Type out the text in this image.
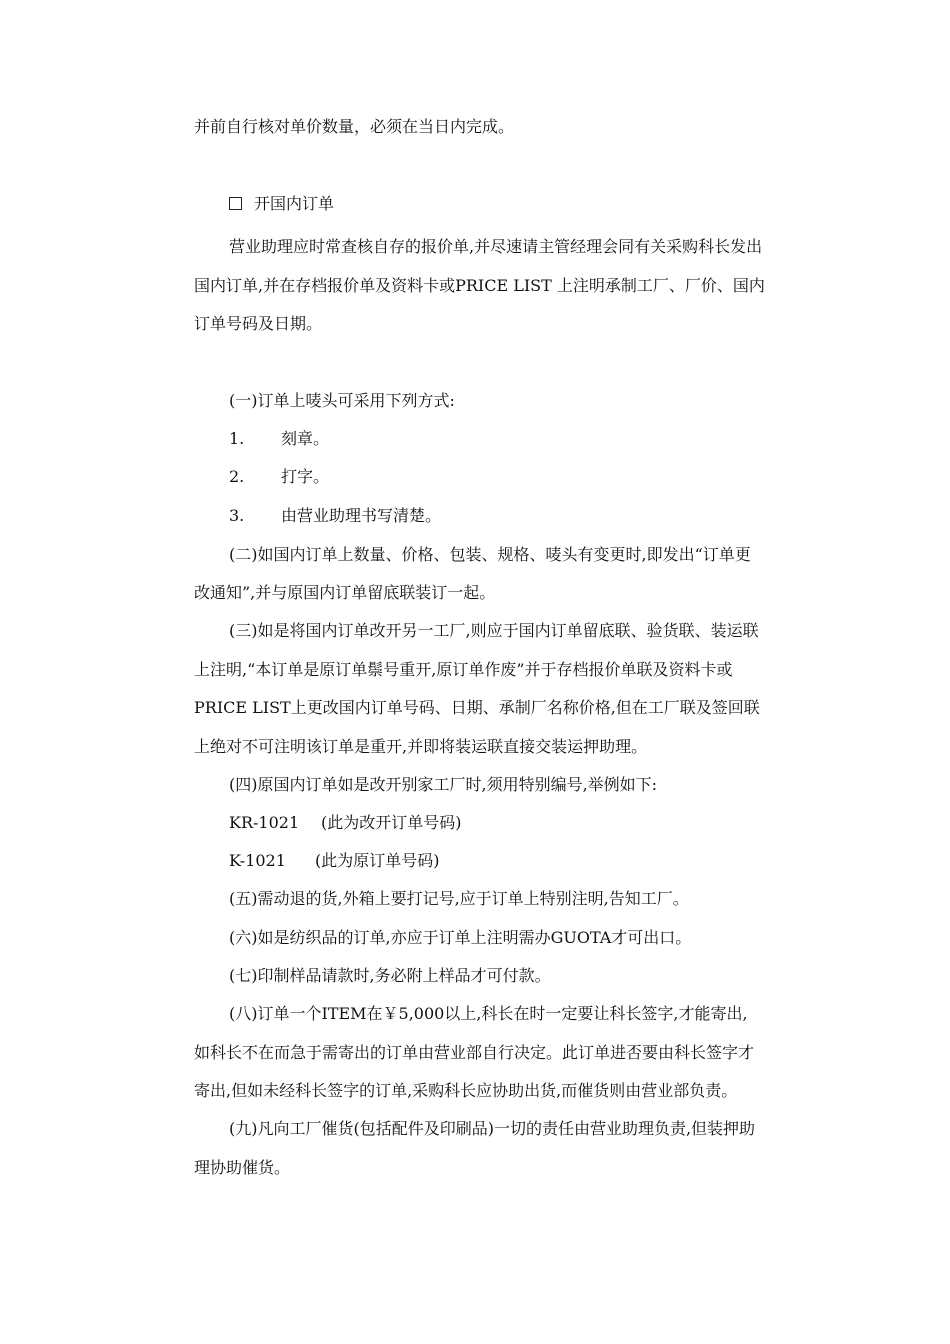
并前自行核对单价数量，必须在当日内完成。
开国内订单
营业助理应时常查核自存的报价单,并尽速请主管经理会同有关采购科长发出
国内订单,并在存档报价单及资料卡或PRICE LIST 上注明承制工厂、厂价、国内
订单号码及日期。
(一)订单上唛头可采用下列方式:
1. 刻章。
2. 打字。
3. 由营业助理书写清楚。
(二)如国内订单上数量、价格、包装、规格、唛头有变更时,即发出“订单更
改通知”,并与原国内订单留底联装订一起。
(三)如是将国内订单改开另一工厂,则应于国内订单留底联、验货联、装运联
上注明,“本订单是原订单鬃号重开,原订单作废”并于存档报价单联及资料卡或
PRICE LIST上更改国内订单号码、日期、承制厂名称价格,但在工厂联及签回联
上绝对不可注明该订单是重开,并即将装运联直接交装运押助理。
(四)原国内订单如是改开别家工厂时,须用特别编号,举例如下:
KR-1021 (此为改开订单号码)
K-1021 (此为原订单号码)
(五)需动退的货,外箱上要打记号,应于订单上特别注明,告知工厂。
(六)如是纺织品的订单,亦应于订单上注明需办GUOTA才可出口。
(七)印制样品请款时,务必附上样品才可付款。
(八)订单一个ITEM在￥5,000以上,科长在时一定要让科长签字,才能寄出,
如科长不在而急于需寄出的订单由营业部自行决定。此订单进否要由科长签字才
寄出,但如未经科长签字的订单,采购科长应协助出货,而催货则由营业部负责。
(九)凡向工厂催货(包括配件及印刷品)一切的责任由营业助理负责,但装押助
理协助催货。
